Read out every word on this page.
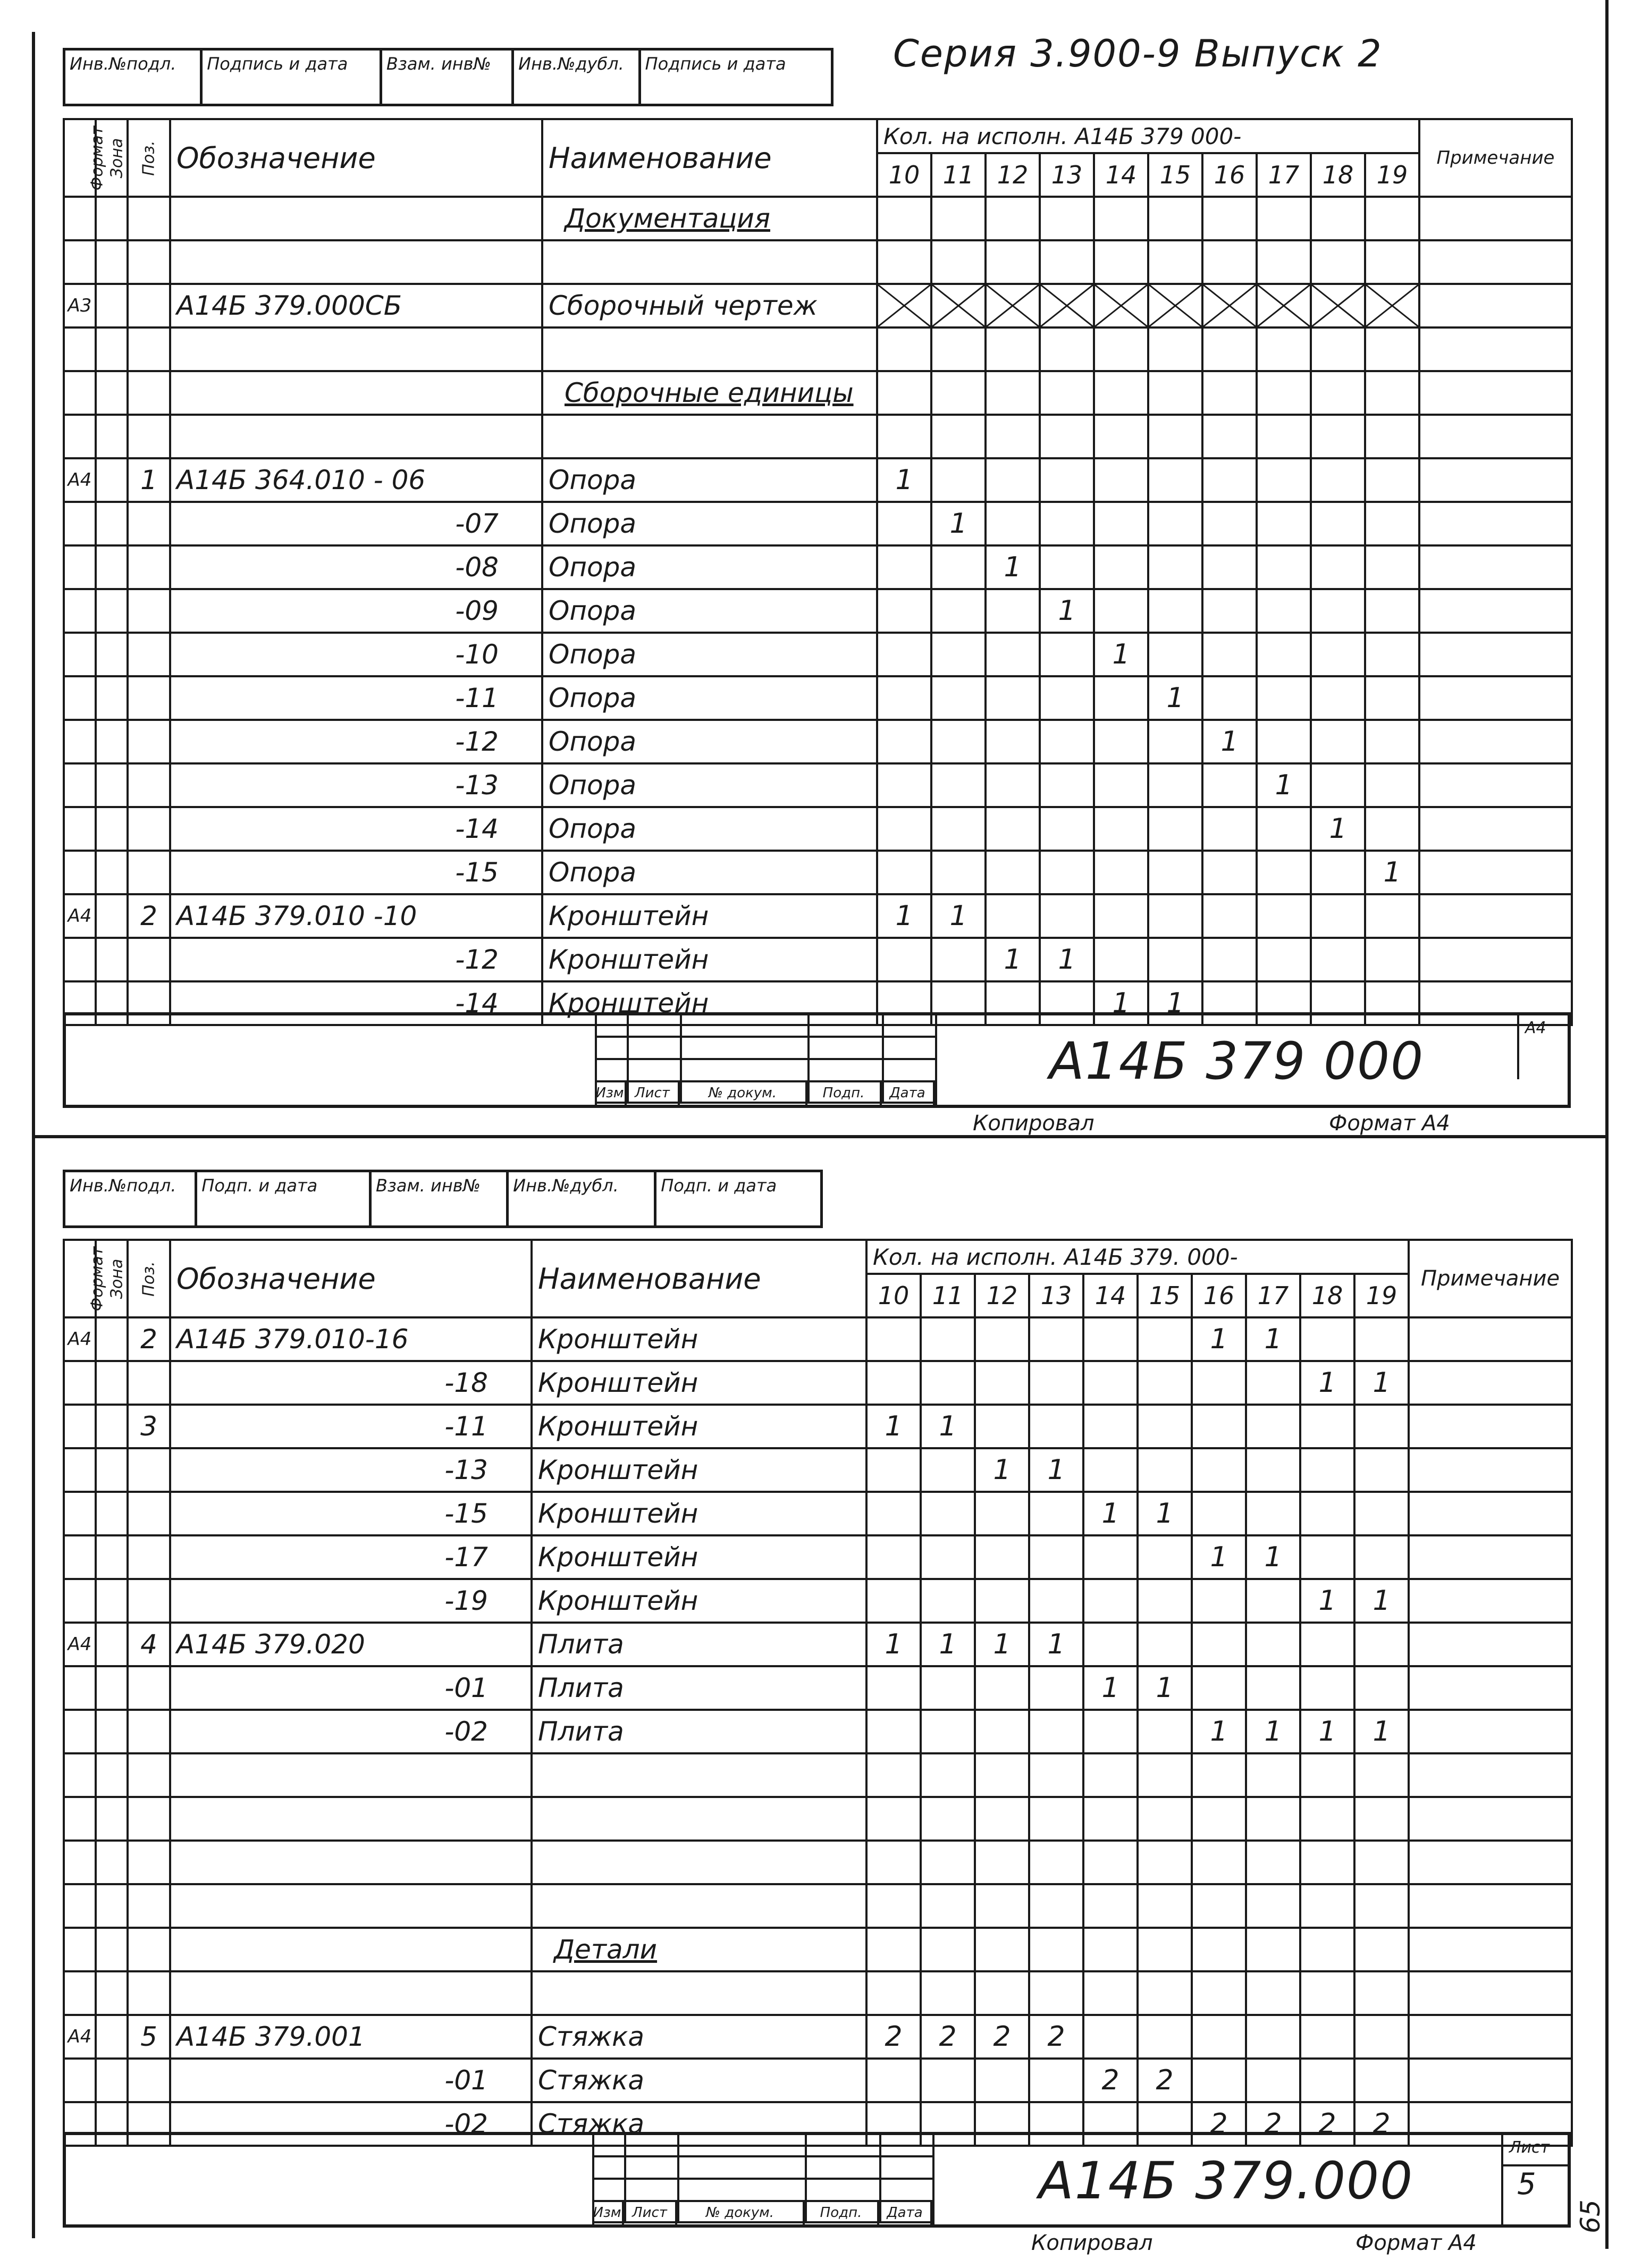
Серия 3.900-9 Выпуск 2
Инв.№подл.	Подпись и дата	Взам. инв№	Инв.№дубл.	Подпись и дата
Формат	Зона	Поз.	Обозначение	Наименование	Кол. на исполн. А14Б 379 000-										Примечание
					10	11	12	13	14	15	16	17	18	19	
				Документация											

А3			А14Б 379.000СБ	Сборочный чертеж	

				Сборочные единицы											

А4		1	А14Б 364.010 - 06	Опора	1										
			-07	Опора		1									
			-08	Опора			1								
			-09	Опора				1							
			-10	Опора					1						
			-11	Опора						1					
			-12	Опора							1				
			-13	Опора								1			
			-14	Опора									1		
			-15	Опора										1	
А4		2	А14Б 379.010 -10	Кронштейн	1	1									
			-12	Кронштейн			1	1							
			-14	Кронштейн					1	1					
Изм Лист	№ докум.	Подп.	Дата
А14Б 379 000
А4
Копировал	Формат А4
Инв.№подл.	Подп. и дата	Взам. инв№	Инв.№дубл.	Подп. и дата
Формат	Зона	Поз.	Обозначение	Наименование	Кол. на исполн. А14Б 379. 000-										Примечание
					10	11	12	13	14	15	16	17	18	19	
А4		2	А14Б 379.010-16	Кронштейн							1	1			
			-18	Кронштейн									1	1	
		3	-11	Кронштейн	1	1									
			-13	Кронштейн			1	1							
			-15	Кронштейн					1	1					
			-17	Кронштейн							1	1			
			-19	Кронштейн									1	1	
А4		4	А14Б 379.020	Плита	1	1	1	1							
			-01	Плита					1	1					
			-02	Плита							1	1	1	1	

				Детали											

А4		5	А14Б 379.001	Стяжка	2	2	2	2							
			-01	Стяжка					2	2					
			-02	Стяжка							2	2	2	2	
Изм Лист	№ докум.	Подп.	Дата
А14Б 379.000
Лист
5
Копировал	Формат А4
65
